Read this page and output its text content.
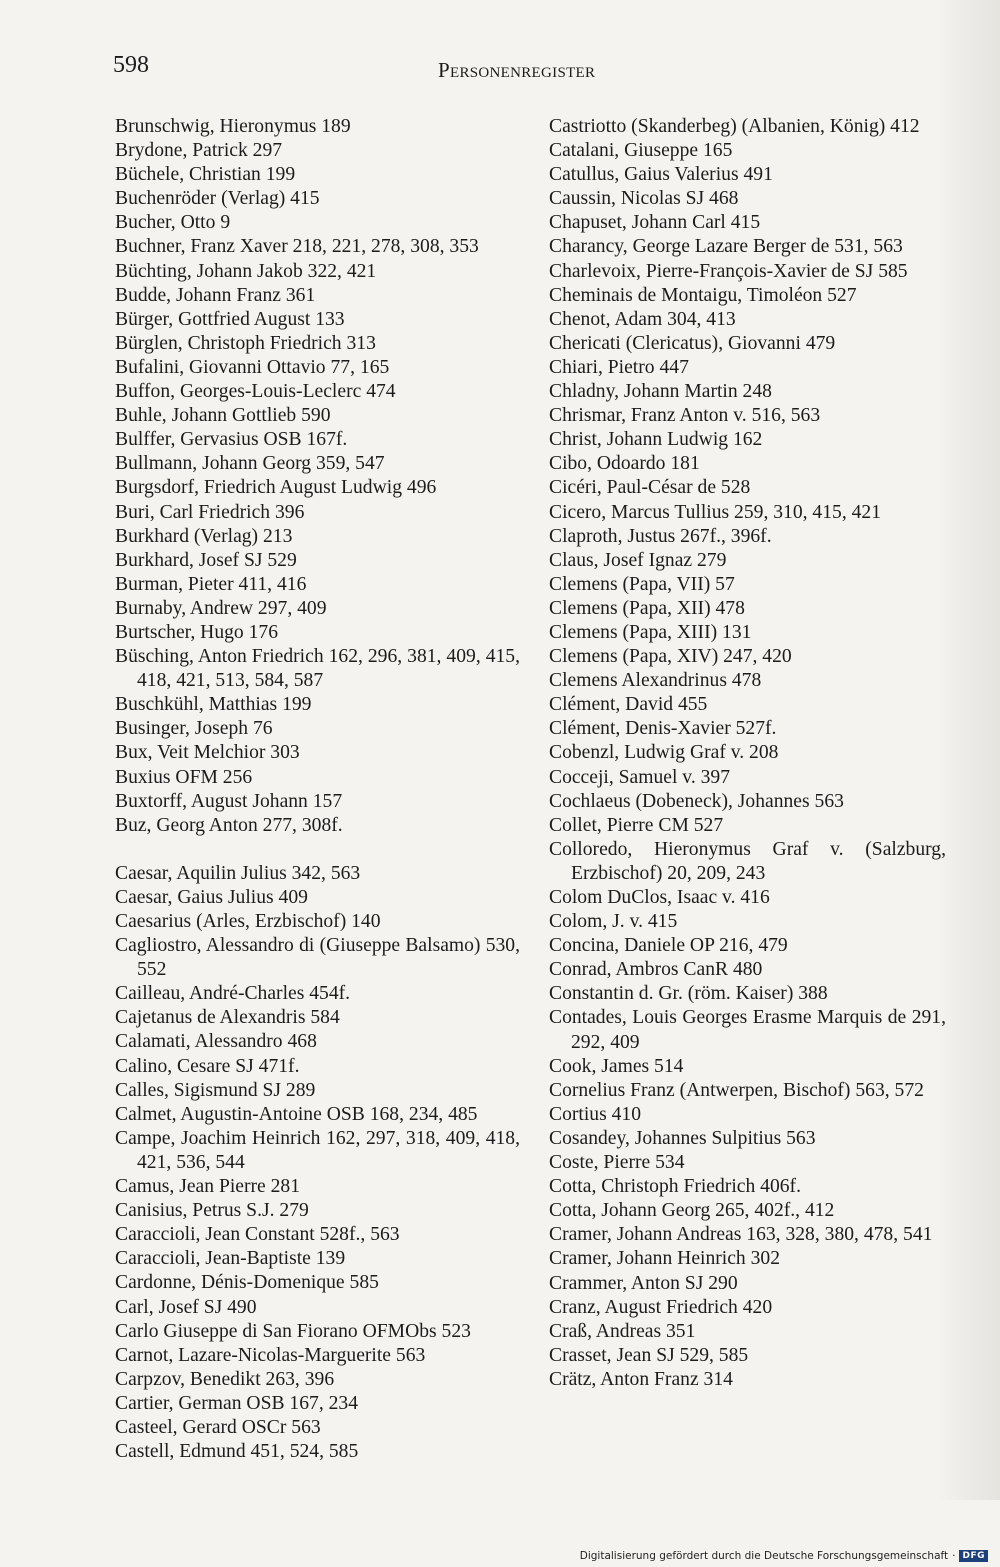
598	Personenregister
Brunschwig, Hieronymus 189
Brydone, Patrick 297
Büchele, Christian 199
Buchenröder (Verlag) 415
Bucher, Otto 9
Buchner, Franz Xaver 218, 221, 278, 308, 353
Büchting, Johann Jakob 322, 421
Budde, Johann Franz 361
Bürger, Gottfried August 133
Bürglen, Christoph Friedrich 313
Bufalini, Giovanni Ottavio 77, 165
Buffon, Georges-Louis-Leclerc 474
Buhle, Johann Gottlieb 590
Bulffer, Gervasius OSB 167f.
Bullmann, Johann Georg 359, 547
Burgsdorf, Friedrich August Ludwig 496
Buri, Carl Friedrich 396
Burkhard (Verlag) 213
Burkhard, Josef SJ 529
Burman, Pieter 411, 416
Burnaby, Andrew 297, 409
Burtscher, Hugo 176
Büsching, Anton Friedrich 162, 296, 381, 409, 415, 418, 421, 513, 584, 587
Buschkühl, Matthias 199
Businger, Joseph 76
Bux, Veit Melchior 303
Buxius OFM 256
Buxtorff, August Johann 157
Buz, Georg Anton 277, 308f.
Caesar, Aquilin Julius 342, 563
Caesar, Gaius Julius 409
Caesarius (Arles, Erzbischof) 140
Cagliostro, Alessandro di (Giuseppe Balsamo) 530, 552
Cailleau, André-Charles 454f.
Cajetanus de Alexandris 584
Calamati, Alessandro 468
Calino, Cesare SJ 471f.
Calles, Sigismund SJ 289
Calmet, Augustin-Antoine OSB 168, 234, 485
Campe, Joachim Heinrich 162, 297, 318, 409, 418, 421, 536, 544
Camus, Jean Pierre 281
Canisius, Petrus S.J. 279
Caraccioli, Jean Constant 528f., 563
Caraccioli, Jean-Baptiste 139
Cardonne, Dénis-Domenique 585
Carl, Josef SJ 490
Carlo Giuseppe di San Fiorano OFMObs 523
Carnot, Lazare-Nicolas-Marguerite 563
Carpzov, Benedikt 263, 396
Cartier, German OSB 167, 234
Casteel, Gerard OSCr 563
Castell, Edmund 451, 524, 585
Castriotto (Skanderbeg) (Albanien, König) 412
Catalani, Giuseppe 165
Catullus, Gaius Valerius 491
Caussin, Nicolas SJ 468
Chapuset, Johann Carl 415
Charancy, George Lazare Berger de 531, 563
Charlevoix, Pierre-François-Xavier de SJ 585
Cheminais de Montaigu, Timoléon 527
Chenot, Adam 304, 413
Chericati (Clericatus), Giovanni 479
Chiari, Pietro 447
Chladny, Johann Martin 248
Chrismar, Franz Anton v. 516, 563
Christ, Johann Ludwig 162
Cibo, Odoardo 181
Cicéri, Paul-César de 528
Cicero, Marcus Tullius 259, 310, 415, 421
Claproth, Justus 267f., 396f.
Claus, Josef Ignaz 279
Clemens (Papa, VII) 57
Clemens (Papa, XII) 478
Clemens (Papa, XIII) 131
Clemens (Papa, XIV) 247, 420
Clemens Alexandrinus 478
Clément, David 455
Clément, Denis-Xavier 527f.
Cobenzl, Ludwig Graf v. 208
Cocceji, Samuel v. 397
Cochlaeus (Dobeneck), Johannes 563
Collet, Pierre CM 527
Colloredo, Hieronymus Graf v. (Salzburg, Erzbischof) 20, 209, 243
Colom DuClos, Isaac v. 416
Colom, J. v. 415
Concina, Daniele OP 216, 479
Conrad, Ambros CanR 480
Constantin d. Gr. (röm. Kaiser) 388
Contades, Louis Georges Erasme Marquis de 291, 292, 409
Cook, James 514
Cornelius Franz (Antwerpen, Bischof) 563, 572
Cortius 410
Cosandey, Johannes Sulpitius 563
Coste, Pierre 534
Cotta, Christoph Friedrich 406f.
Cotta, Johann Georg 265, 402f., 412
Cramer, Johann Andreas 163, 328, 380, 478, 541
Cramer, Johann Heinrich 302
Crammer, Anton SJ 290
Cranz, August Friedrich 420
Craß, Andreas 351
Crasset, Jean SJ 529, 585
Crätz, Anton Franz 314
Digitalisierung gefördert durch die Deutsche Forschungsgemeinschaft · DFG
